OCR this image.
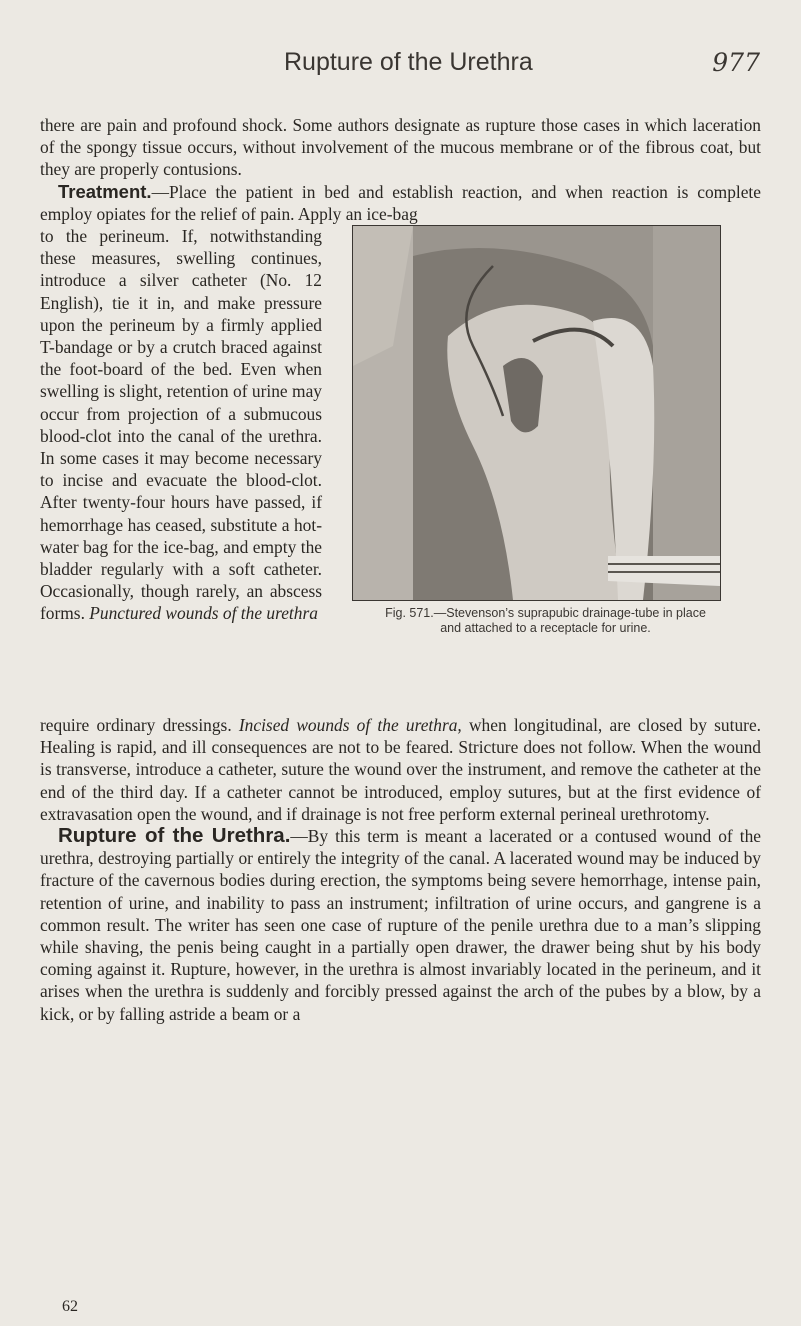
Rupture of the Urethra	977

there are pain and profound shock. Some authors designate as rupture those cases in which laceration of the spongy tissue occurs, without involvement of the mucous membrane or of the fibrous coat, but they are properly contusions.

Treatment.—Place the patient in bed and establish reaction, and when reaction is complete employ opiates for the relief of pain. Apply an ice-bag

to the perineum. If, notwithstanding these measures, swelling continues, introduce a silver catheter (No. 12 English), tie it in, and make pressure upon the perineum by a firmly applied T-bandage or by a crutch braced against the foot-board of the bed. Even when swelling is slight, retention of urine may occur from projection of a submucous blood-clot into the canal of the urethra. In some cases it may become necessary to incise and evacuate the blood-clot. After twenty-four hours have passed, if hemorrhage has ceased, substitute a hot-water bag for the ice-bag, and empty the bladder regularly with a soft catheter. Occasionally, though rarely, an abscess forms. Punctured wounds of the urethra	Fig. 571.—Stevenson’s suprapubic drainage-tube in place
and attached to a receptacle for urine.

require ordinary dressings. Incised wounds of the urethra, when longitudinal, are closed by suture. Healing is rapid, and ill consequences are not to be feared. Stricture does not follow. When the wound is transverse, introduce a catheter, suture the wound over the instrument, and remove the catheter at the end of the third day. If a catheter cannot be introduced, employ sutures, but at the first evidence of extravasation open the wound, and if drainage is not free perform external perineal urethrotomy.

Rupture of the Urethra.—By this term is meant a lacerated or a contused wound of the urethra, destroying partially or entirely the integrity of the canal. A lacerated wound may be induced by fracture of the cavernous bodies during erection, the symptoms being severe hemorrhage, intense pain, retention of urine, and inability to pass an instrument; infiltration of urine occurs, and gangrene is a common result. The writer has seen one case of rupture of the penile urethra due to a man’s slipping while shaving, the penis being caught in a partially open drawer, the drawer being shut by his body coming against it. Rupture, however, in the urethra is almost invariably located in the perineum, and it arises when the urethra is suddenly and forcibly pressed against the arch of the pubes by a blow, by a kick, or by falling astride a beam or a

62
